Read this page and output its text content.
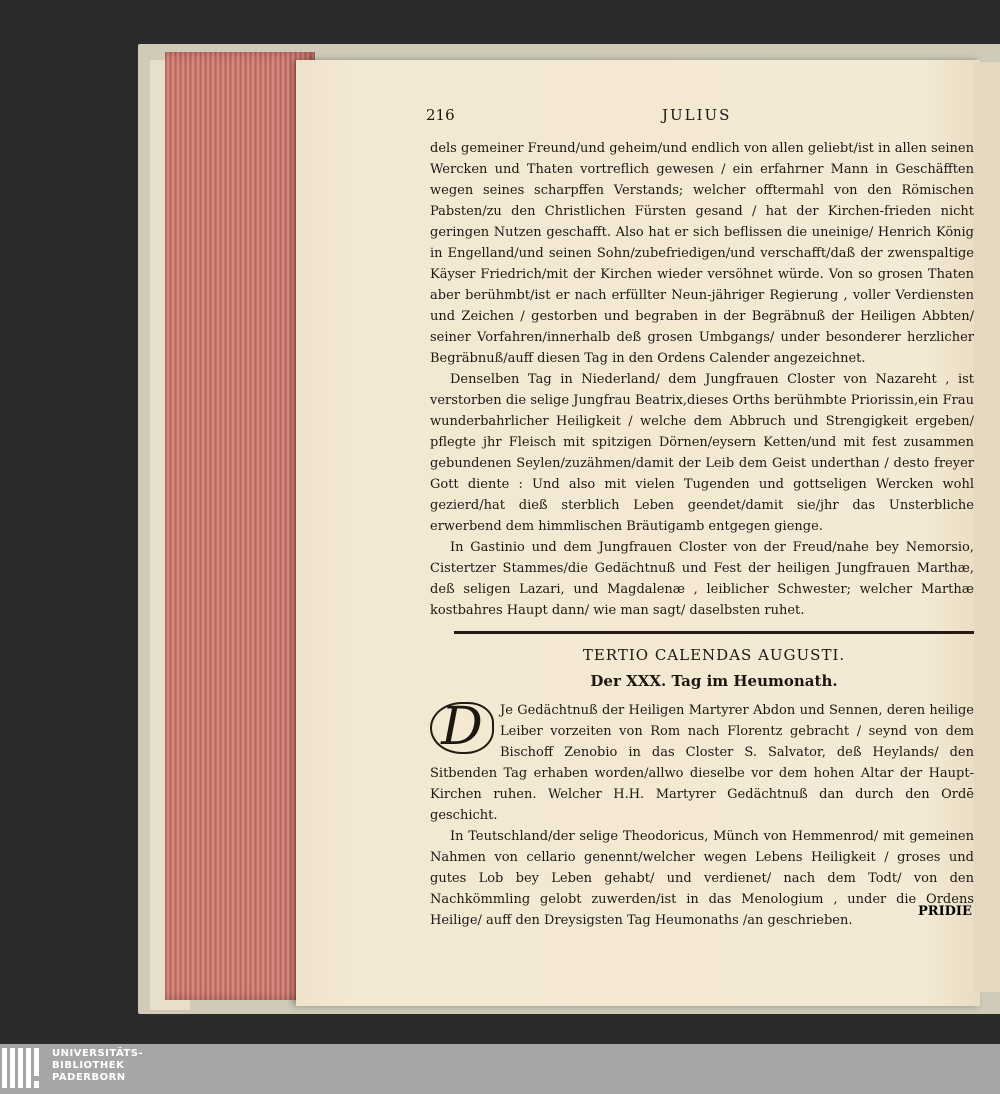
216	JULIUS

dels gemeiner Freund/und geheim/und endlich von allen geliebt/ist in allen seinen Wercken und Thaten vortreflich gewesen / ein erfahrner Mann in Geschäfften wegen seines scharpffen Verstands; welcher offtermahl von den Römischen Pabsten/zu den Christlichen Fürsten gesand / hat der Kirchen-frieden nicht geringen Nutzen geschafft. Also hat er sich beflissen die uneinige/ Henrich König in Engelland/und seinen Sohn/zubefriedigen/und verschafft/daß der zwenspaltige Käyser Friedrich/mit der Kirchen wieder versöhnet würde. Von so grosen Thaten aber berühmbt/ist er nach erfüllter Neun-jähriger Regierung , voller Verdiensten und Zeichen / gestorben und begraben in der Begräbnuß der Heiligen Abbten/ seiner Vorfahren/innerhalb deß grosen Umbgangs/ under besonderer herzlicher Begräbnuß/auff diesen Tag in den Ordens Calender angezeichnet.

Denselben Tag in Niederland/ dem Jungfrauen Closter von Nazareht , ist verstorben die selige Jungfrau Beatrix,dieses Orths berühmbte Priorissin,ein Frau wunderbahrlicher Heiligkeit / welche dem Abbruch und Strengigkeit ergeben/ pflegte jhr Fleisch mit spitzigen Dörnen/eysern Ketten/und mit fest zusammen gebundenen Seylen/zuzähmen/damit der Leib dem Geist underthan / desto freyer Gott diente : Und also mit vielen Tugenden und gottseligen Wercken wohl gezierd/hat dieß sterblich Leben geendet/damit sie/jhr das Unsterbliche erwerbend dem himmlischen Bräutigamb entgegen gienge.

In Gastinio und dem Jungfrauen Closter von der Freud/nahe bey Nemorsio, Cistertzer Stammes/die Gedächtnuß und Fest der heiligen Jungfrauen Marthæ, deß seligen Lazari, und Magdalenæ , leiblicher Schwester; welcher Marthæ kostbahres Haupt dann/ wie man sagt/ daselbsten ruhet.

TERTIO CALENDAS AUGUSTI.
Der XXX. Tag im Heumonath.
D	Je Gedächtnuß der Heiligen Martyrer Abdon und Sennen, deren heilige Leiber vorzeiten von Rom nach Florentz gebracht / seynd von dem Bischoff Zenobio in das Closter S. Salvator, deß Heylands/ den Sitbenden Tag erhaben worden/allwo dieselbe vor dem hohen Altar der Haupt-Kirchen ruhen. Welcher H.H. Martyrer Gedächtnuß dan durch den Ordē geschicht.

In Teutschland/der selige Theodoricus, Münch von Hemmenrod/ mit gemeinen Nahmen von cellario genennt/welcher wegen Lebens Heiligkeit / groses und gutes Lob bey Leben gehabt/ und verdienet/ nach dem Todt/ von den Nachkömmling gelobt zuwerden/ist in das Menologium , under die Ordens Heilige/ auff den Dreysigsten Tag Heumonaths /an geschrieben.

PRIDIE
UNIVERSITÄTS-
BIBLIOTHEK
PADERBORN
